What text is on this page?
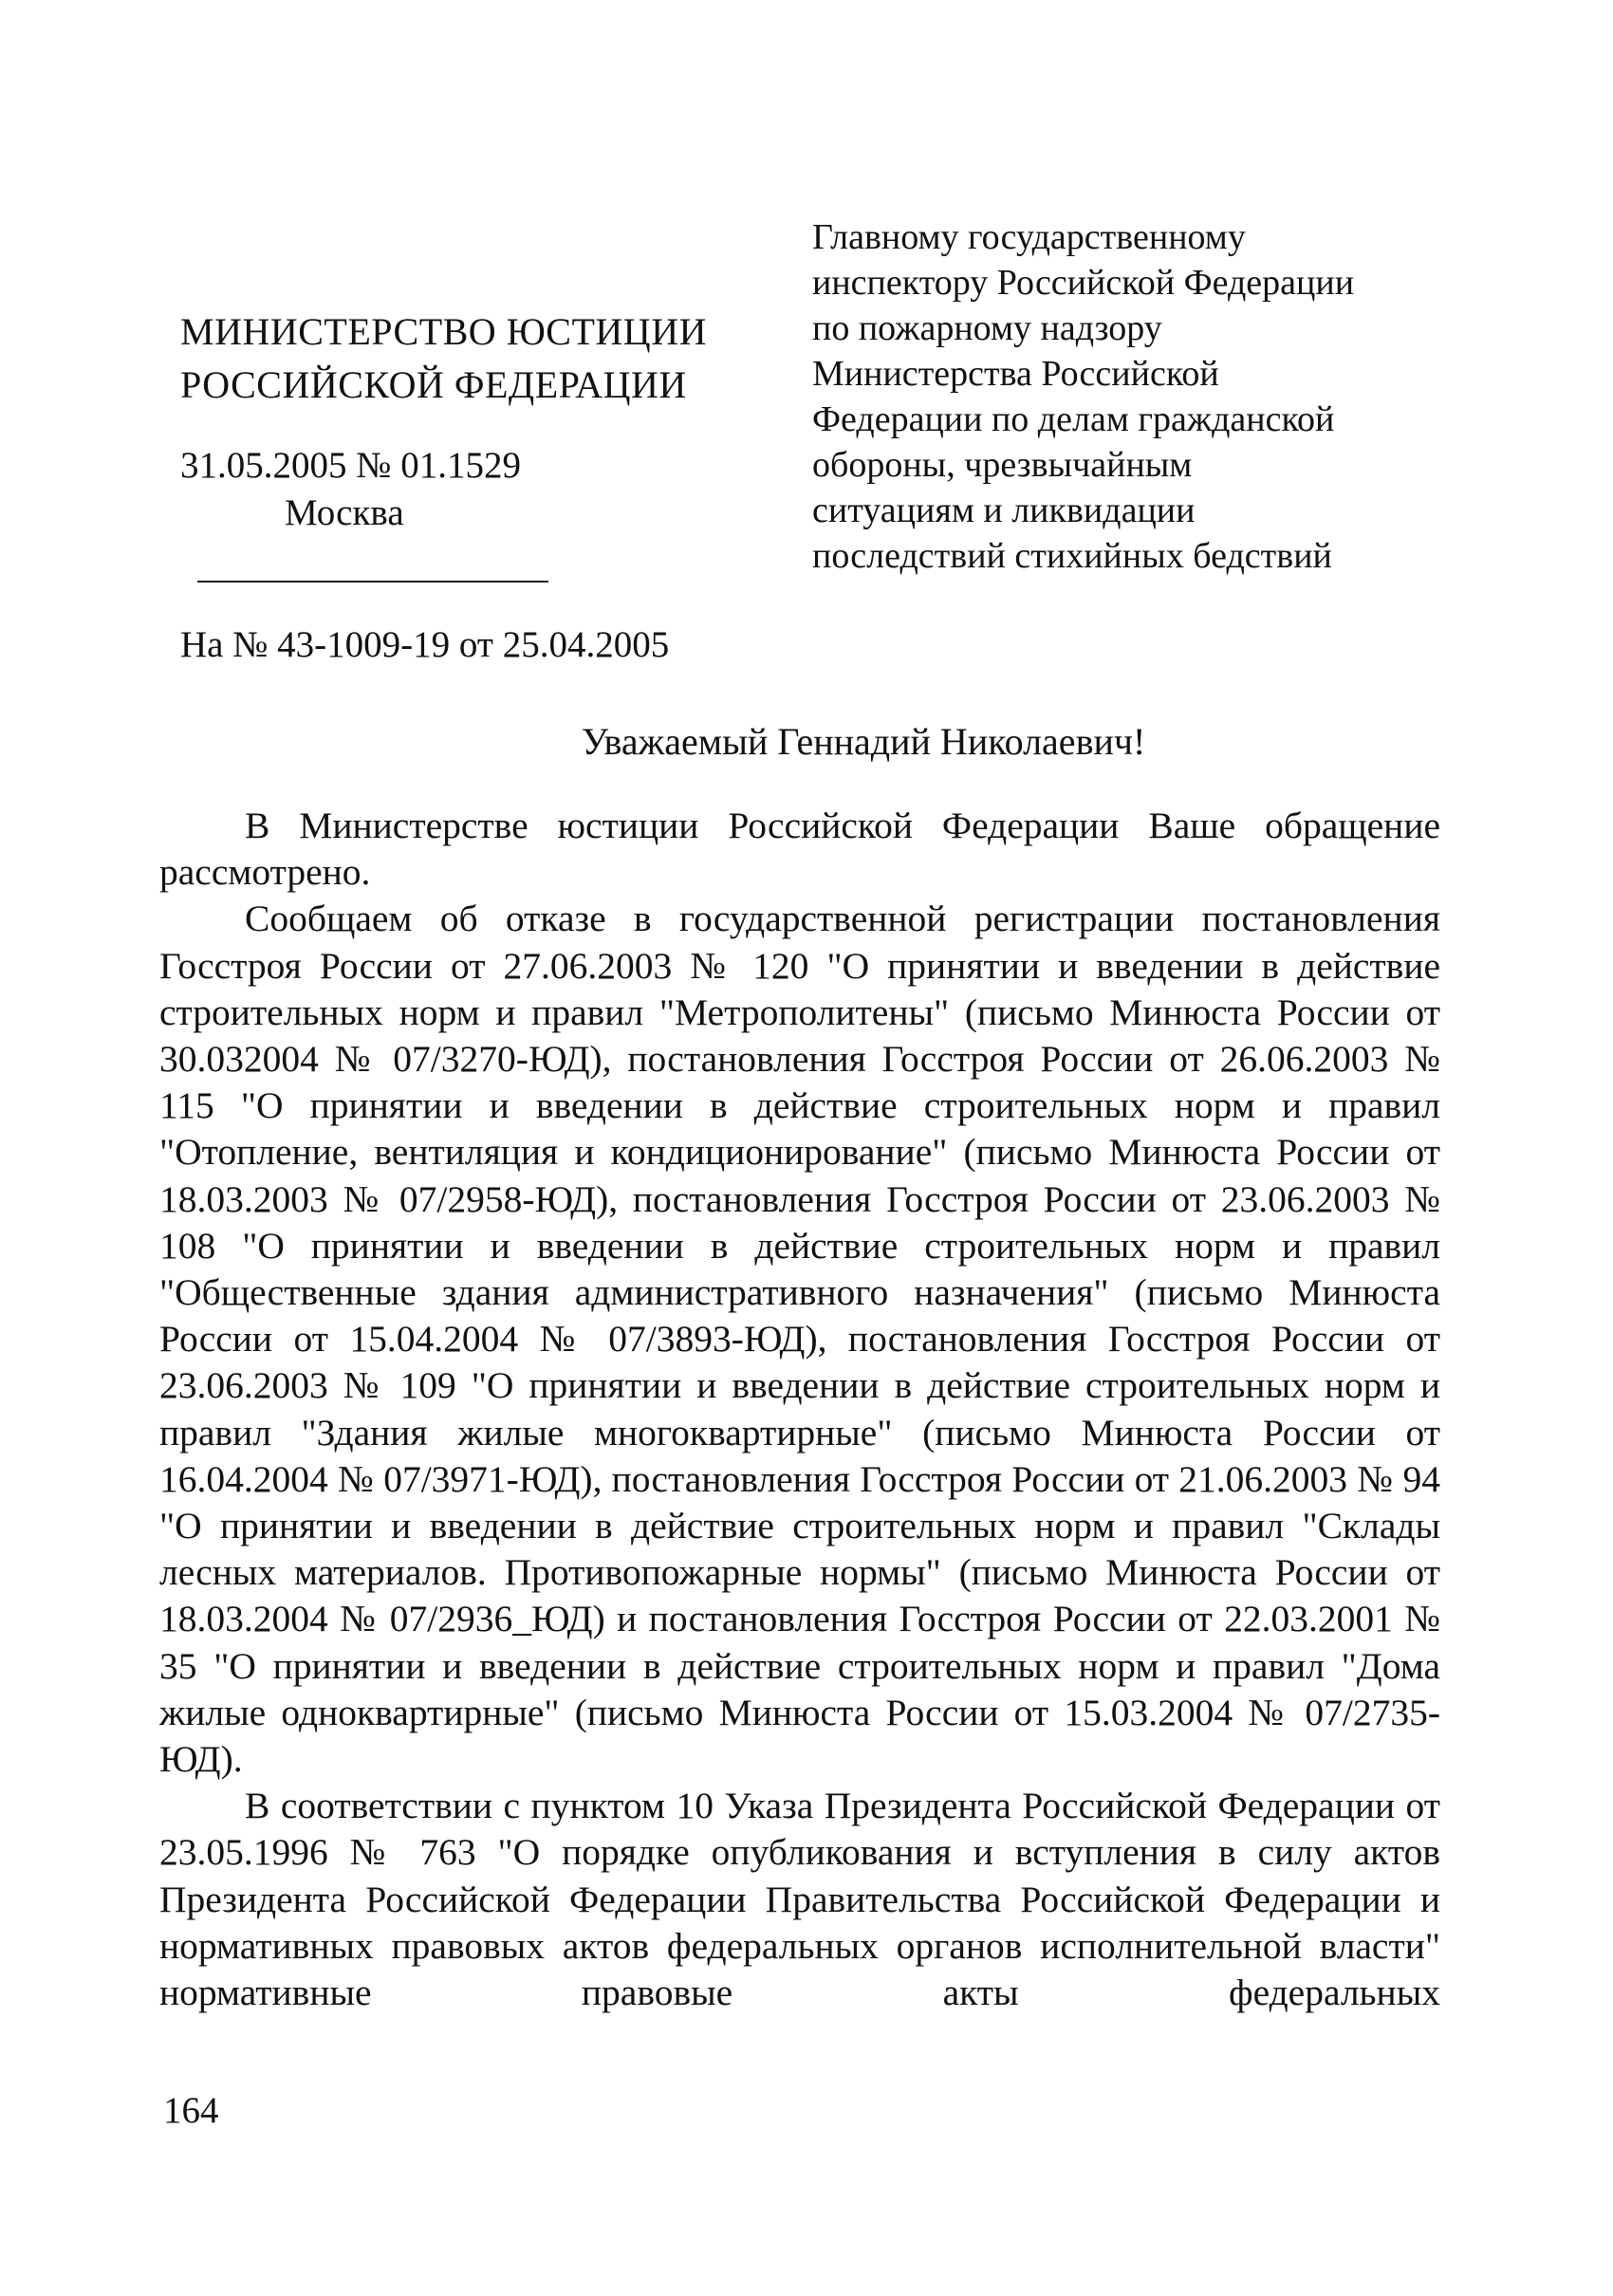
МИНИСТЕРСТВО ЮСТИЦИИ
РОССИЙСКОЙ ФЕДЕРАЦИИ
31.05.2005 № 01.1529
Москва
На № 43-1009-19 от 25.04.2005
Главному государственному
инспектору Российской Федерации
по пожарному надзору
Министерства Российской
Федерации по делам гражданской
обороны, чрезвычайным
ситуациям и ликвидации
последствий стихийных бедствий
Уважаемый Геннадий Николаевич!

В Министерстве юстиции Российской Федерации Ваше обращение рассмотрено.

Сообщаем об отказе в государственной регистрации постановления Госстроя России от 27.06.2003 № 120 "О принятии и введении в действие строительных норм и правил "Метрополитены" (письмо Минюста России от 30.032004 № 07/3270-ЮД), постановления Госстроя России от 26.06.2003 № 115 "О принятии и введении в действие строительных норм и правил "Отопление, вентиляция и кондиционирование" (письмо Минюста России от 18.03.2003 № 07/2958-ЮД), постановления Госстроя России от 23.06.2003 № 108 "О принятии и введении в действие строительных норм и правил "Общественные здания административного назначения" (письмо Минюста России от 15.04.2004 № 07/3893-ЮД), постановления Госстроя России от 23.06.2003 № 109 "О принятии и введении в действие строительных норм и правил "Здания жилые многоквартирные" (письмо Минюста России от 16.04.2004 № 07/3971-ЮД), постановления Госстроя России от 21.06.2003 № 94 "О принятии и введении в действие строительных норм и правил "Склады лесных материалов. Противопожарные нормы" (письмо Минюста России от 18.03.2004 № 07/2936_ЮД) и постановления Госстроя России от 22.03.2001 № 35 "О принятии и введении в действие строительных норм и правил "Дома жилые одноквартирные" (письмо Минюста России от 15.03.2004 № 07/2735-ЮД).

В соответствии с пунктом 10 Указа Президента Российской Федерации от 23.05.1996 № 763 "О порядке опубликования и вступления в силу актов Президента Российской Федерации Правительства Российской Федерации и нормативных правовых актов федеральных органов исполнительной власти" нормативные правовые акты федеральных

164
